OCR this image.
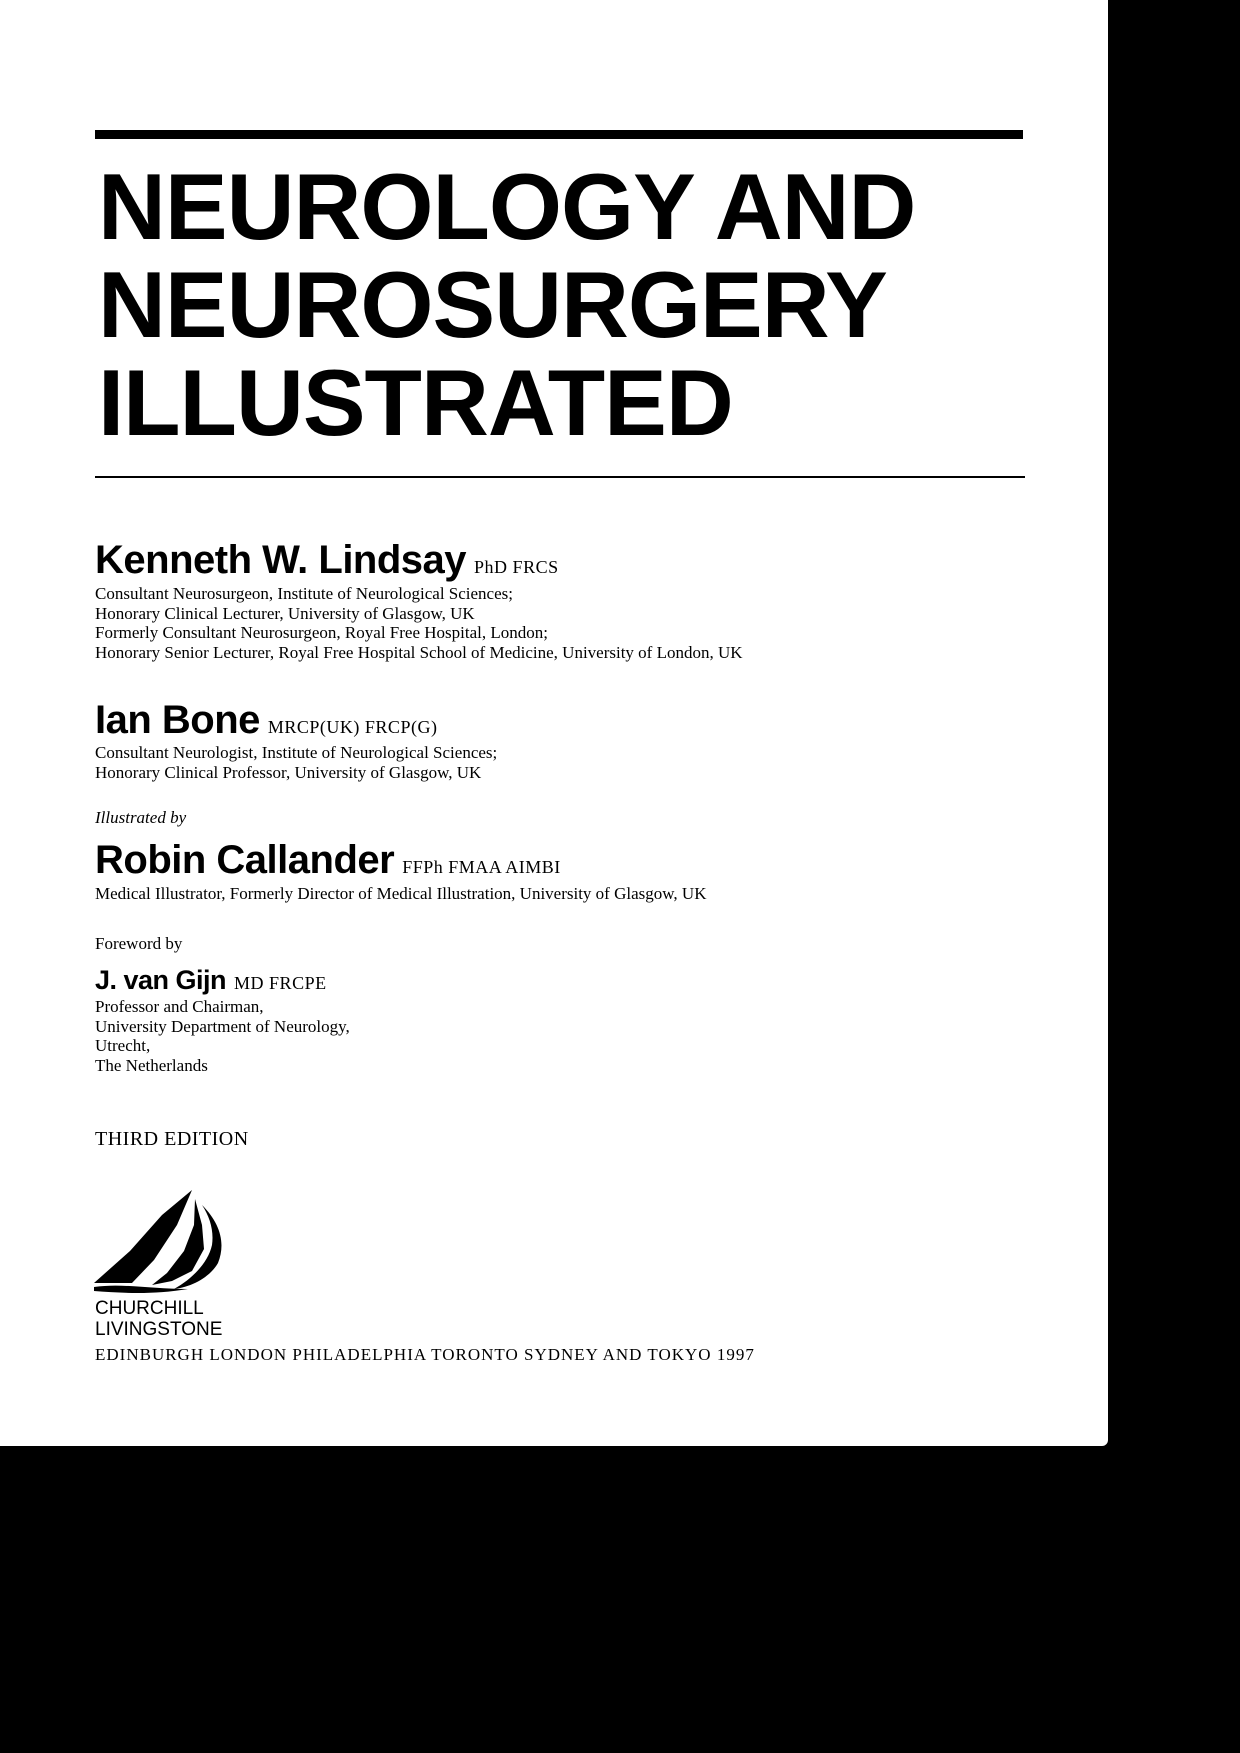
NEUROLOGY AND
NEUROSURGERY
ILLUSTRATED
Kenneth W. Lindsay PhD FRCS
Consultant Neurosurgeon, Institute of Neurological Sciences;
Honorary Clinical Lecturer, University of Glasgow, UK
Formerly Consultant Neurosurgeon, Royal Free Hospital, London;
Honorary Senior Lecturer, Royal Free Hospital School of Medicine, University of London, UK
Ian Bone MRCP(UK) FRCP(G)
Consultant Neurologist, Institute of Neurological Sciences;
Honorary Clinical Professor, University of Glasgow, UK
Illustrated by
Robin Callander FFPh FMAA AIMBI
Medical Illustrator, Formerly Director of Medical Illustration, University of Glasgow, UK
Foreword by
J. van Gijn MD FRCPE
Professor and Chairman,
University Department of Neurology,
Utrecht,
The Netherlands
THIRD EDITION
CHURCHILL
LIVINGSTONE
EDINBURGH LONDON PHILADELPHIA TORONTO SYDNEY AND TOKYO 1997
